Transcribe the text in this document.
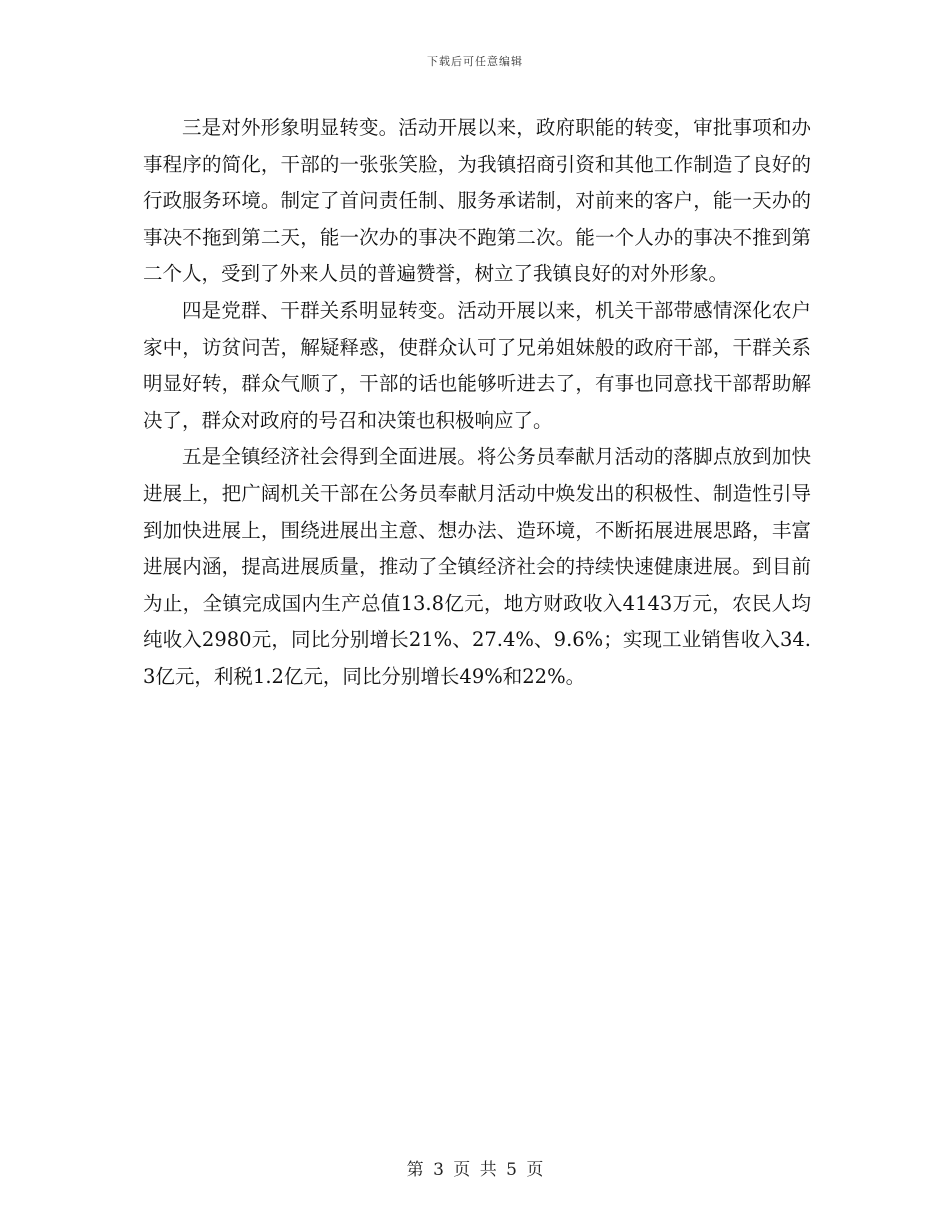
下载后可任意编辑

三是对外形象明显转变。活动开展以来，政府职能的转变，审批事项和办事程序的简化，干部的一张张笑脸，为我镇招商引资和其他工作制造了良好的行政服务环境。制定了首问责任制、服务承诺制，对前来的客户，能一天办的事决不拖到第二天，能一次办的事决不跑第二次。能一个人办的事决不推到第二个人，受到了外来人员的普遍赞誉，树立了我镇良好的对外形象。

四是党群、干群关系明显转变。活动开展以来，机关干部带感情深化农户家中，访贫问苦，解疑释惑，使群众认可了兄弟姐妹般的政府干部，干群关系明显好转，群众气顺了，干部的话也能够听进去了，有事也同意找干部帮助解决了，群众对政府的号召和决策也积极响应了。

五是全镇经济社会得到全面进展。将公务员奉献月活动的落脚点放到加快进展上，把广阔机关干部在公务员奉献月活动中焕发出的积极性、制造性引导到加快进展上，围绕进展出主意、想办法、造环境，不断拓展进展思路，丰富进展内涵，提高进展质量，推动了全镇经济社会的持续快速健康进展。到目前为止，全镇完成国内生产总值13.8亿元，地方财政收入4143万元，农民人均纯收入2980元，同比分别增长21%、27.4%、9.6%；实现工业销售收入34.3亿元，利税1.2亿元，同比分别增长49%和22%。

第 3 页 共 5 页
